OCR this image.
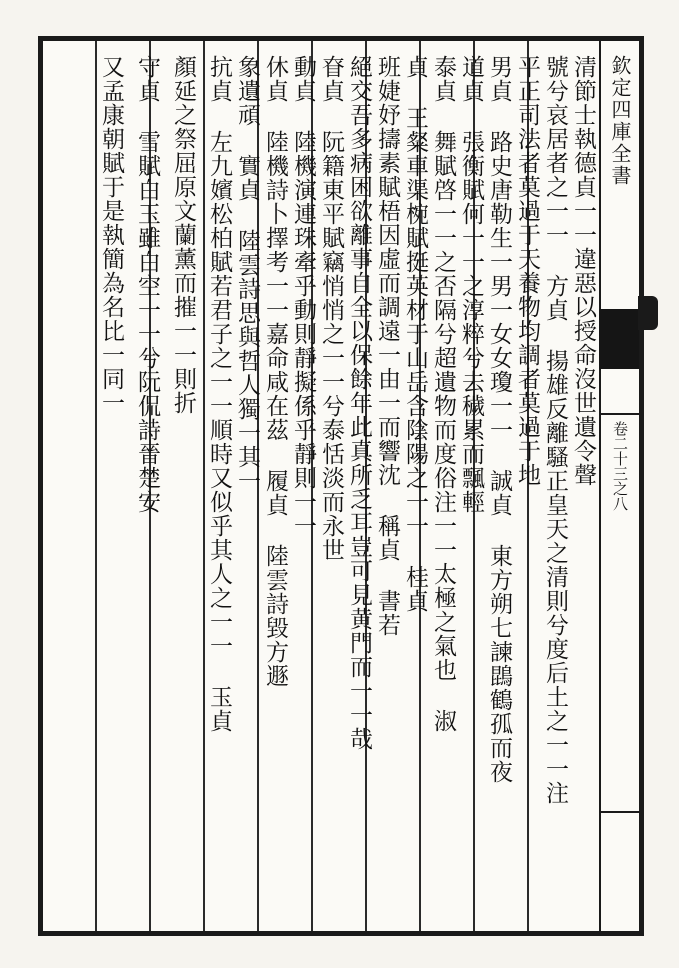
清節士執德貞一一違惡以授命沒世遺令聲
號兮哀居者之一一 方貞 揚雄反離騷正皇天之清則兮度后土之一一注
平正司法者莫過于天養物均調者莫過于地
男貞 路史唐勒生一男一女女瓊一一 誠貞 東方朔七諫鵾鶴孤而夜
道貞 張衡賦何一一之淳粹兮去穢累而飄輕
泰貞 舞賦啓一一之否隔兮超遺物而度俗注一一太極之氣也 淑
貞 王粲車渠椀賦挺英材于山岳含陰陽之一一 桂貞
班婕妤擣素賦梧因虛而調遠一由一而響沈 稱貞 書若
絕交吾多病困欲離事自全以保餘年此真所乏耳豈可見黄門而一一哉
眘貞 阮籍東平賦竊悄悄之一一兮泰恬淡而永世
動貞 陸機演連珠牽乎動則靜擬係乎靜則一一
休貞 陸機詩卜擇考一一嘉命咸在茲 履貞 陸雲詩毀方遯
象遺頑 實貞 陸雲詩思與哲人獨一其一
抗貞 左九嬪松柏賦若君子之一一順時又似乎其人之一一 玉貞
顏延之祭屈原文蘭薰而摧一一則折
守貞 雪賦白玉雖白空一一兮阮侃詩晉楚安
又孟康朝賦于是執簡為名比一同一	欽定四庫全書
卷二十三之八
